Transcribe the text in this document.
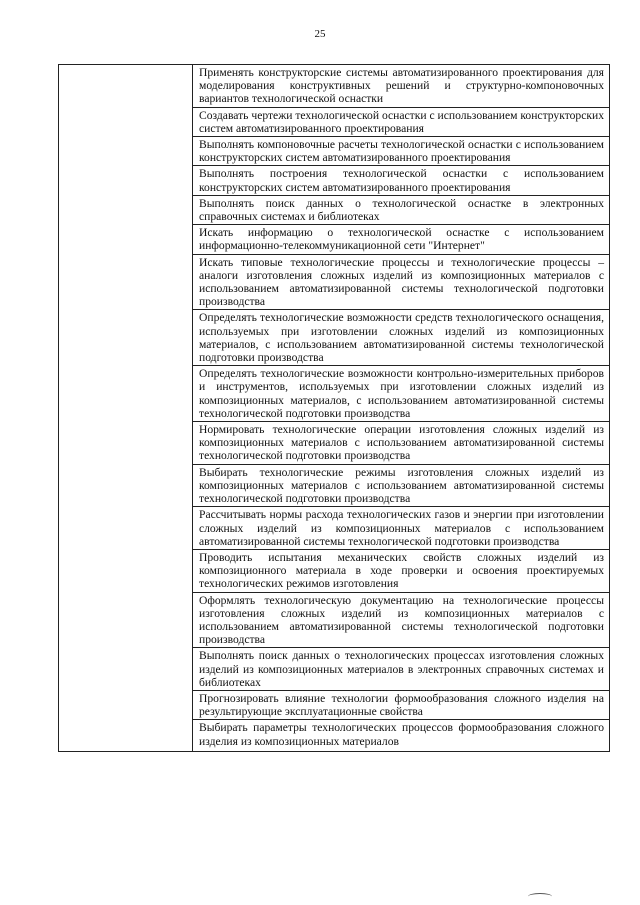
25
	Применять конструкторские системы автоматизированного проектирования для моделирования конструктивных решений и структурно-компоновочных вариантов технологической оснастки
Создавать чертежи технологической оснастки с использованием конструкторских систем автоматизированного проектирования
Выполнять компоновочные расчеты технологической оснастки с использованием конструкторских систем автоматизированного проектирования
Выполнять построения технологической оснастки с использованием конструкторских систем автоматизированного проектирования
Выполнять поиск данных о технологической оснастке в электронных справочных системах и библиотеках
Искать информацию о технологической оснастке с использованием информационно-телекоммуникационной сети "Интернет"
Искать типовые технологические процессы и технологические процессы – аналоги изготовления сложных изделий из композиционных материалов с использованием автоматизированной системы технологической подготовки производства
Определять технологические возможности средств технологического оснащения, используемых при изготовлении сложных изделий из композиционных материалов, с использованием автоматизированной системы технологической подготовки производства
Определять технологические возможности контрольно-измерительных приборов и инструментов, используемых при изготовлении сложных изделий из композиционных материалов, с использованием автоматизированной системы технологической подготовки производства
Нормировать технологические операции изготовления сложных изделий из композиционных материалов с использованием автоматизированной системы технологической подготовки производства
Выбирать технологические режимы изготовления сложных изделий из композиционных материалов с использованием автоматизированной системы технологической подготовки производства
Рассчитывать нормы расхода технологических газов и энергии при изготовлении сложных изделий из композиционных материалов с использованием автоматизированной системы технологической подготовки производства
Проводить испытания механических свойств сложных изделий из композиционного материала в ходе проверки и освоения проектируемых технологических режимов изготовления
Оформлять технологическую документацию на технологические процессы изготовления сложных изделий из композиционных материалов с использованием автоматизированной системы технологической подготовки производства
Выполнять поиск данных о технологических процессах изготовления сложных изделий из композиционных материалов в электронных справочных системах и библиотеках
Прогнозировать влияние технологии формообразования сложного изделия на результирующие эксплуатационные свойства
Выбирать параметры технологических процессов формообразования сложного изделия из композиционных материалов
